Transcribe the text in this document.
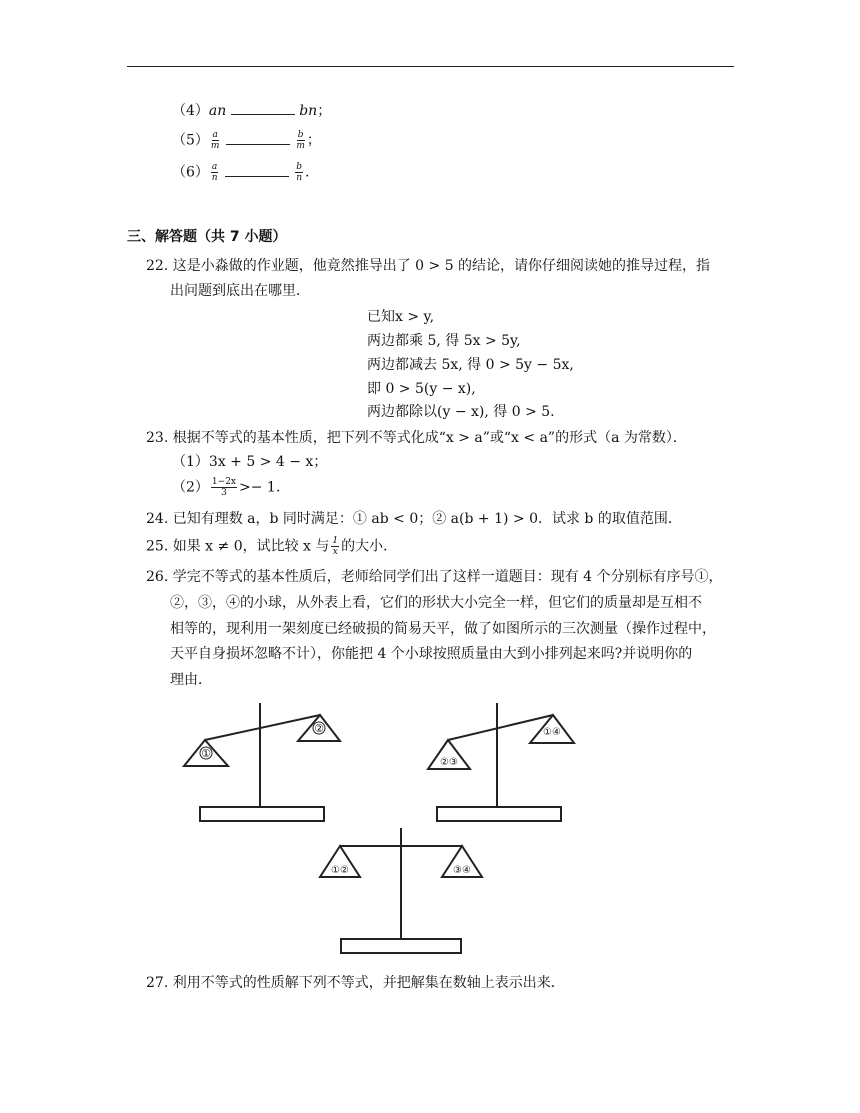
（4）an	bn；
$(5) \frac{a}{m}$
	$\frac{b}{m}$ ；
$(6) \frac{a}{n}$
	$\frac{b}{n}$ .
三、解答题（共 7 小题）
22. 这是小淼做的作业题，他竟然推导出了 0 > 5 的结论，请你仔细阅读她的推导过程，指
出问题到底出在哪里．
已知x > y,
两边都乘 5, 得 5x > 5y,
两边都减去 5x, 得 0 > 5y − 5x,
即 0 > 5(y − x),
两边都除以(y − x), 得 0 > 5.
23. 根据不等式的基本性质，把下列不等式化成“x > a”或“x < a”的形式（a 为常数）．
（1）3x + 5 > 4 − x；
$(2) \frac{1-2x}{3} >- 1$.
24. 已知有理数 a，b 同时满足：① ab < 0；② a(b + 1) > 0．试求 b 的取值范围．
25. 如果 x ≠ 0，试比较 x 与 $\frac{1}{x}$ 的大小．
26. 学完不等式的基本性质后，老师给同学们出了这样一道题目：现有 4 个分别标有序号①，
②，③，④的小球，从外表上看，它们的形状大小完全一样，但它们的质量却是互相不
相等的，现利用一架刻度已经破损的简易天平，做了如图所示的三次测量（操作过程中，
天平自身损坏忽略不计），你能把 4 个小球按照质量由大到小排列起来吗?并说明你的
理由．
①
②
②③
①④
①②	③④
27. 利用不等式的性质解下列不等式，并把解集在数轴上表示出来．
